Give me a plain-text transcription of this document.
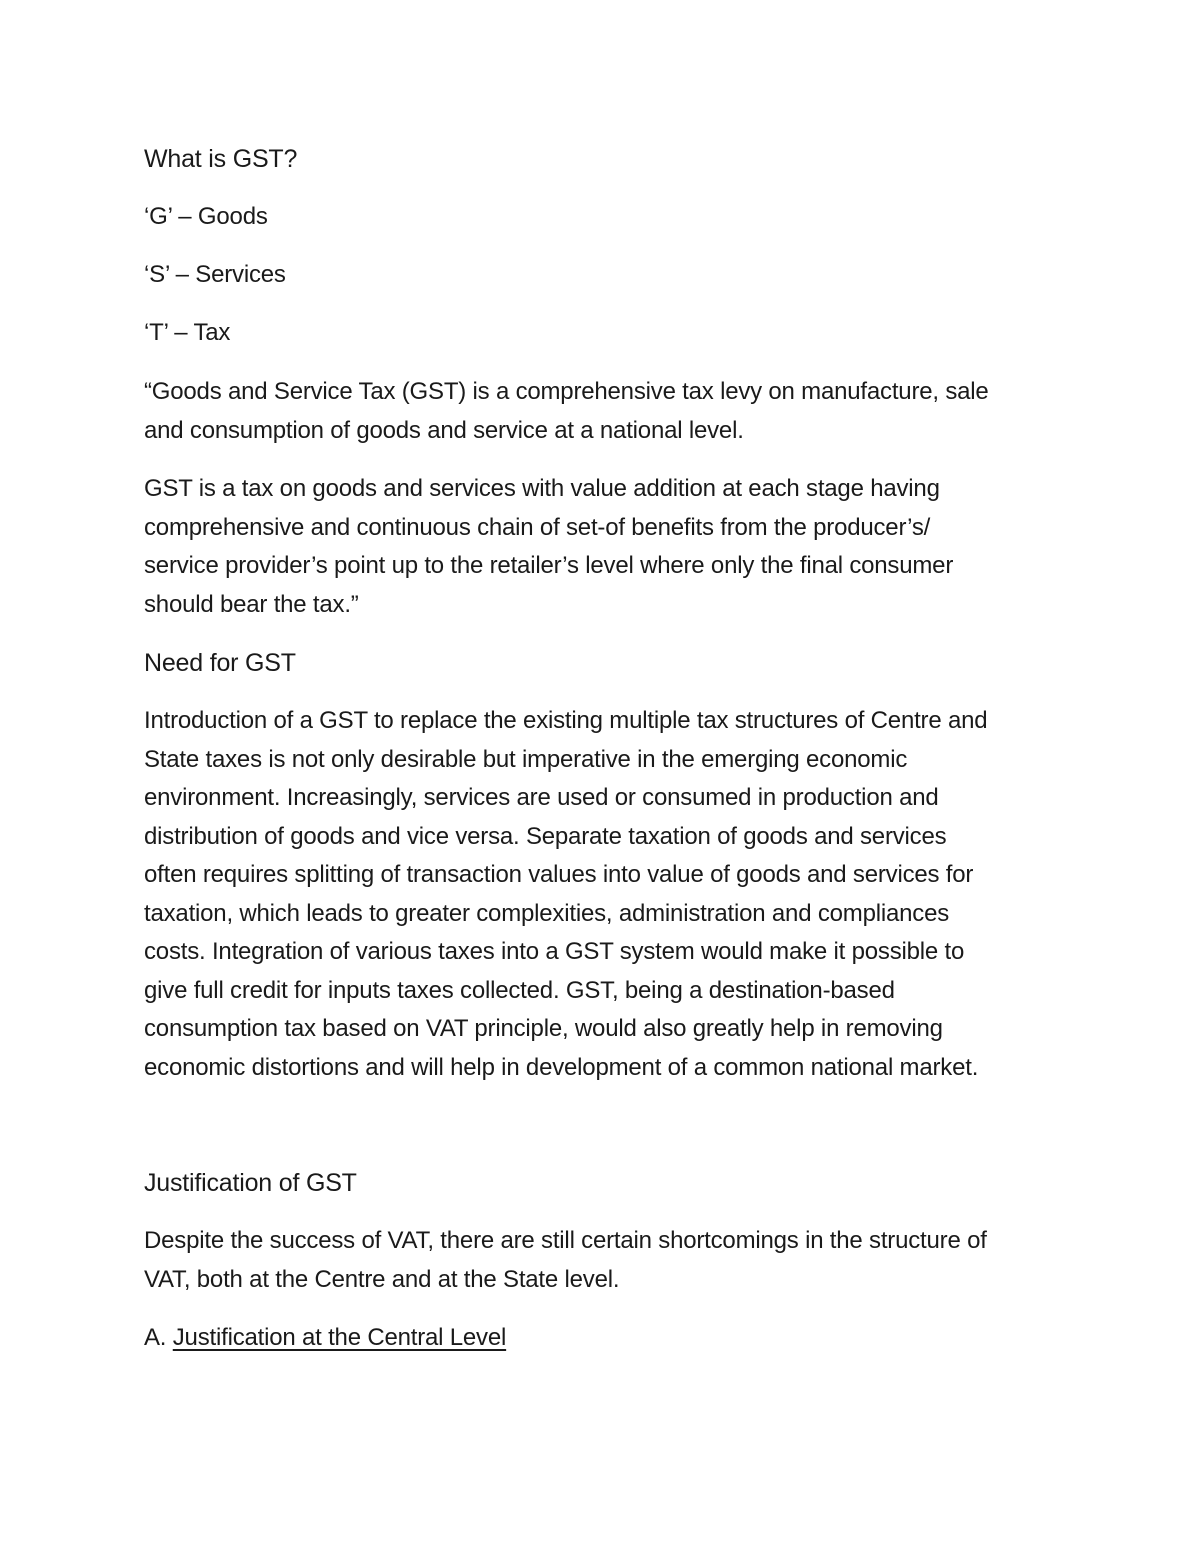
What is GST?
‘G’ – Goods
‘S’ – Services
‘T’ – Tax
“Goods and Service Tax (GST) is a comprehensive tax levy on manufacture, sale
and consumption of goods and service at a national level.
GST is a tax on goods and services with value addition at each stage having
comprehensive and continuous chain of set-of benefits from the producer’s/
service provider’s point up to the retailer’s level where only the final consumer
should bear the tax.”
Need for GST
Introduction of a GST to replace the existing multiple tax structures of Centre and
State taxes is not only desirable but imperative in the emerging economic
environment. Increasingly, services are used or consumed in production and
distribution of goods and vice versa. Separate taxation of goods and services
often requires splitting of transaction values into value of goods and services for
taxation, which leads to greater complexities, administration and compliances
costs. Integration of various taxes into a GST system would make it possible to
give full credit for inputs taxes collected. GST, being a destination-based
consumption tax based on VAT principle, would also greatly help in removing
economic distortions and will help in development of a common national market.
Justification of GST
Despite the success of VAT, there are still certain shortcomings in the structure of
VAT, both at the Centre and at the State level.
A. Justification at the Central Level
